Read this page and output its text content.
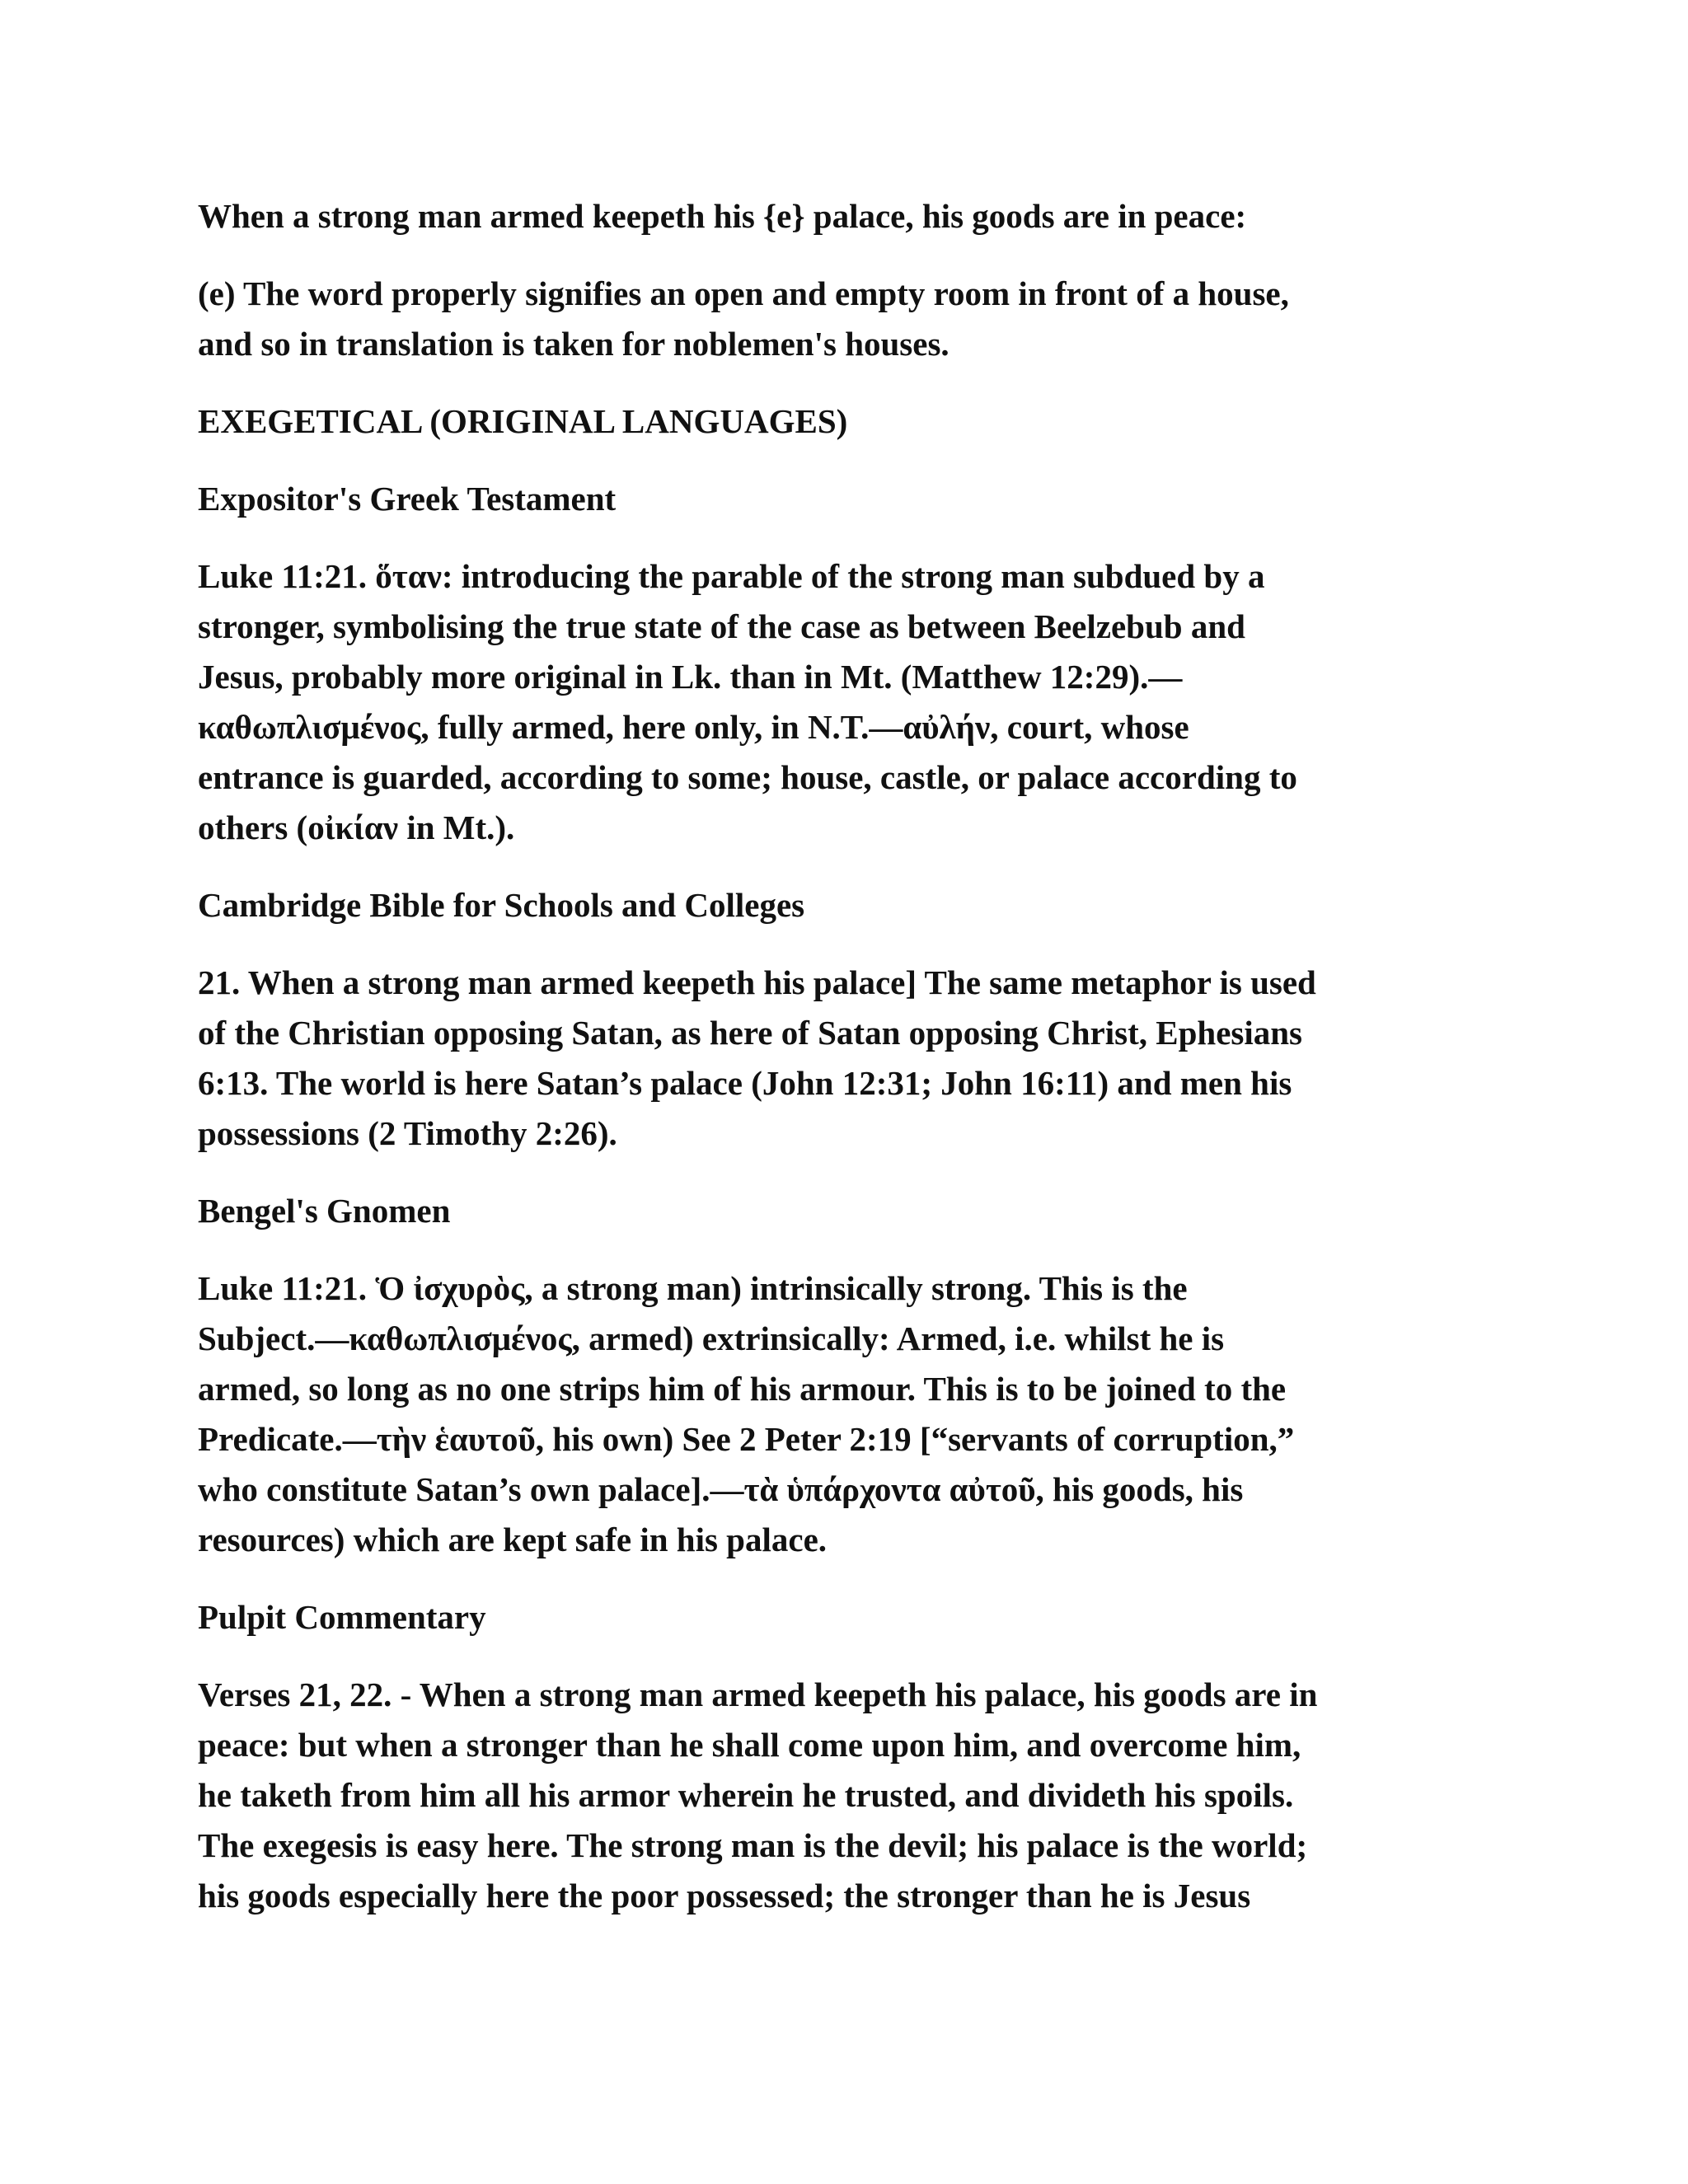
When a strong man armed keepeth his {e} palace, his goods are in peace:
(e) The word properly signifies an open and empty room in front of a house,
and so in translation is taken for noblemen's houses.
EXEGETICAL (ORIGINAL LANGUAGES)
Expositor's Greek Testament
Luke 11:21. ὅταν: introducing the parable of the strong man subdued by a
stronger, symbolising the true state of the case as between Beelzebub and
Jesus, probably more original in Lk. than in Mt. (Matthew 12:29).—
καθωπλισμένος, fully armed, here only, in N.T.—αὐλήν, court, whose
entrance is guarded, according to some; house, castle, or palace according to
others (οἰκίαν in Mt.).
Cambridge Bible for Schools and Colleges
21. When a strong man armed keepeth his palace] The same metaphor is used
of the Christian opposing Satan, as here of Satan opposing Christ, Ephesians
6:13. The world is here Satan’s palace (John 12:31; John 16:11) and men his
possessions (2 Timothy 2:26).
Bengel's Gnomen
Luke 11:21. Ὁ ἰσχυρὸς, a strong man) intrinsically strong. This is the
Subject.—καθωπλισμένος, armed) extrinsically: Armed, i.e. whilst he is
armed, so long as no one strips him of his armour. This is to be joined to the
Predicate.—τὴν ἑαυτοῦ, his own) See 2 Peter 2:19 [“servants of corruption,”
who constitute Satan’s own palace].—τὰ ὑπάρχοντα αὐτοῦ, his goods, his
resources) which are kept safe in his palace.
Pulpit Commentary
Verses 21, 22. - When a strong man armed keepeth his palace, his goods are in
peace: but when a stronger than he shall come upon him, and overcome him,
he taketh from him all his armor wherein he trusted, and divideth his spoils.
The exegesis is easy here. The strong man is the devil; his palace is the world;
his goods especially here the poor possessed; the stronger than he is Jesus
